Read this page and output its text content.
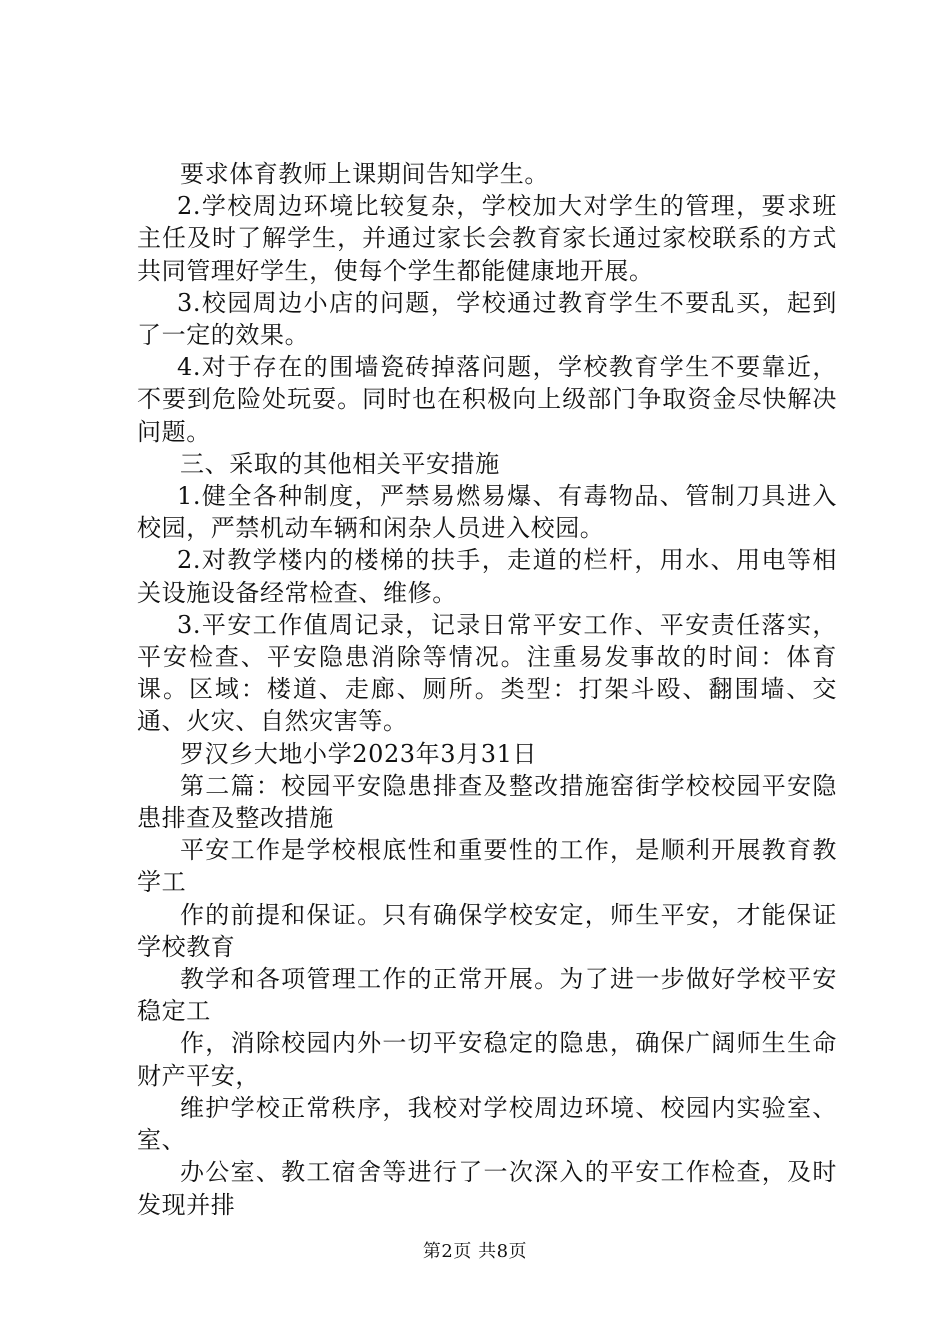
要求体育教师上课期间告知学生。

2.学校周边环境比较复杂，学校加大对学生的管理，要求班主任及时了解学生，并通过家长会教育家长通过家校联系的方式共同管理好学生，使每个学生都能健康地开展。

3.校园周边小店的问题，学校通过教育学生不要乱买，起到了一定的效果。

4.对于存在的围墙瓷砖掉落问题，学校教育学生不要靠近，不要到危险处玩耍。同时也在积极向上级部门争取资金尽快解决问题。

三、采取的其他相关平安措施

1.健全各种制度，严禁易燃易爆、有毒物品、管制刀具进入校园，严禁机动车辆和闲杂人员进入校园。

2.对教学楼内的楼梯的扶手，走道的栏杆，用水、用电等相关设施设备经常检查、维修。

3.平安工作值周记录，记录日常平安工作、平安责任落实，平安检查、平安隐患消除等情况。注重易发事故的时间：体育课。区域：楼道、走廊、厕所。类型：打架斗殴、翻围墙、交通、火灾、自然灾害等。

罗汉乡大地小学2023年3月31日

第二篇：校园平安隐患排查及整改措施窑街学校校园平安隐患排查及整改措施

平安工作是学校根底性和重要性的工作，是顺利开展教育教学工

作的前提和保证。只有确保学校安定，师生平安，才能保证学校教育

教学和各项管理工作的正常开展。为了进一步做好学校平安稳定工

作，消除校园内外一切平安稳定的隐患，确保广阔师生生命财产平安，

维护学校正常秩序，我校对学校周边环境、校园内实验室、室、

办公室、教工宿舍等进行了一次深入的平安工作检查，及时发现并排

第2页 共8页
